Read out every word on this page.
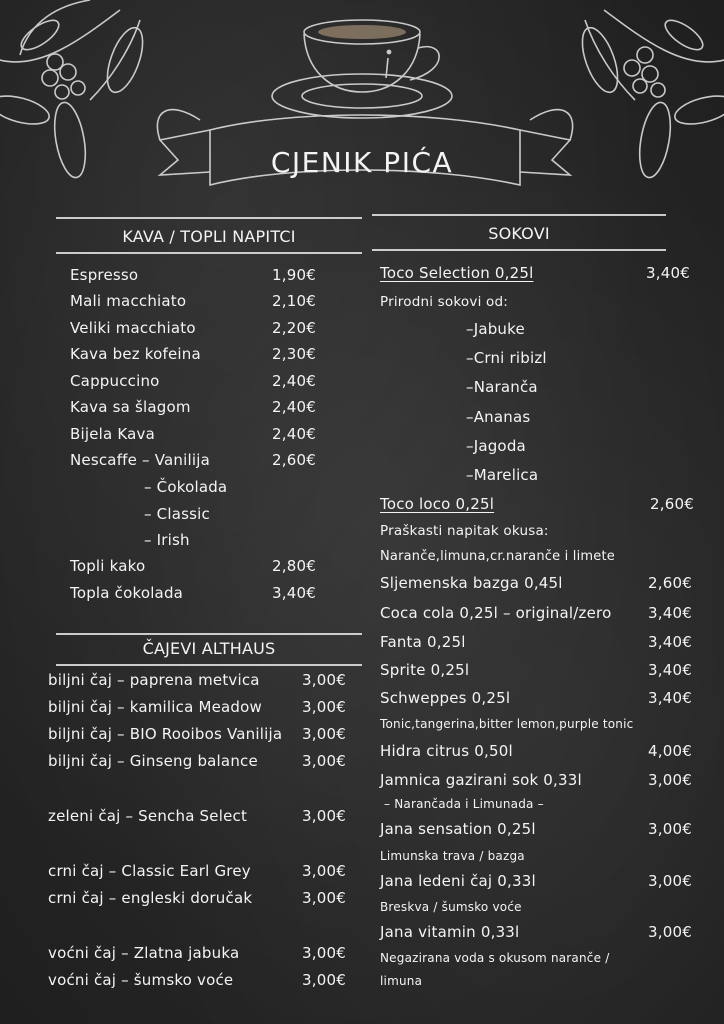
CJENIK PIĆA
KAVA / TOPLI NAPITCI
Espresso	1,90€
Mali macchiato	2,10€
Veliki macchiato	2,20€
Kava bez kofeina	2,30€
Cappuccino	2,40€
Kava sa šlagom	2,40€
Bijela Kava	2,40€
Nescaffe – Vanilija	2,60€
– Čokolada
– Classic
– Irish
Topli kako	2,80€
Topla čokolada	3,40€
ČAJEVI ALTHAUS
biljni čaj – paprena metvica	3,00€
biljni čaj – kamilica Meadow	3,00€
biljni čaj – BIO Rooibos Vanilija	3,00€
biljni čaj – Ginseng balance	3,00€
zeleni čaj – Sencha Select	3,00€
crni čaj – Classic Earl Grey	3,00€
crni čaj – engleski doručak	3,00€
voćni čaj – Zlatna jabuka	3,00€
voćni čaj – šumsko voće	3,00€
SOKOVI
Toco Selection 0,25l	3,40€
Prirodni sokovi od:
–Jabuke
–Crni ribizl
–Naranča
–Ananas
–Jagoda
–Marelica
Toco loco 0,25l	2,60€
Praškasti napitak okusa:
Naranče,limuna,cr.naranče i limete
Sljemenska bazga 0,45l	2,60€
Coca cola 0,25l – original/zero	3,40€
Fanta 0,25l	3,40€
Sprite 0,25l	3,40€
Schweppes 0,25l	3,40€
Tonic,tangerina,bitter lemon,purple tonic
Hidra citrus 0,50l	4,00€
Jamnica gazirani sok 0,33l	3,00€
– Narančada i Limunada –
Jana sensation 0,25l	3,00€
Limunska trava / bazga
Jana ledeni čaj 0,33l	3,00€
Breskva / šumsko voće
Jana vitamin 0,33l	3,00€
Negazirana voda s okusom naranče /
limuna
